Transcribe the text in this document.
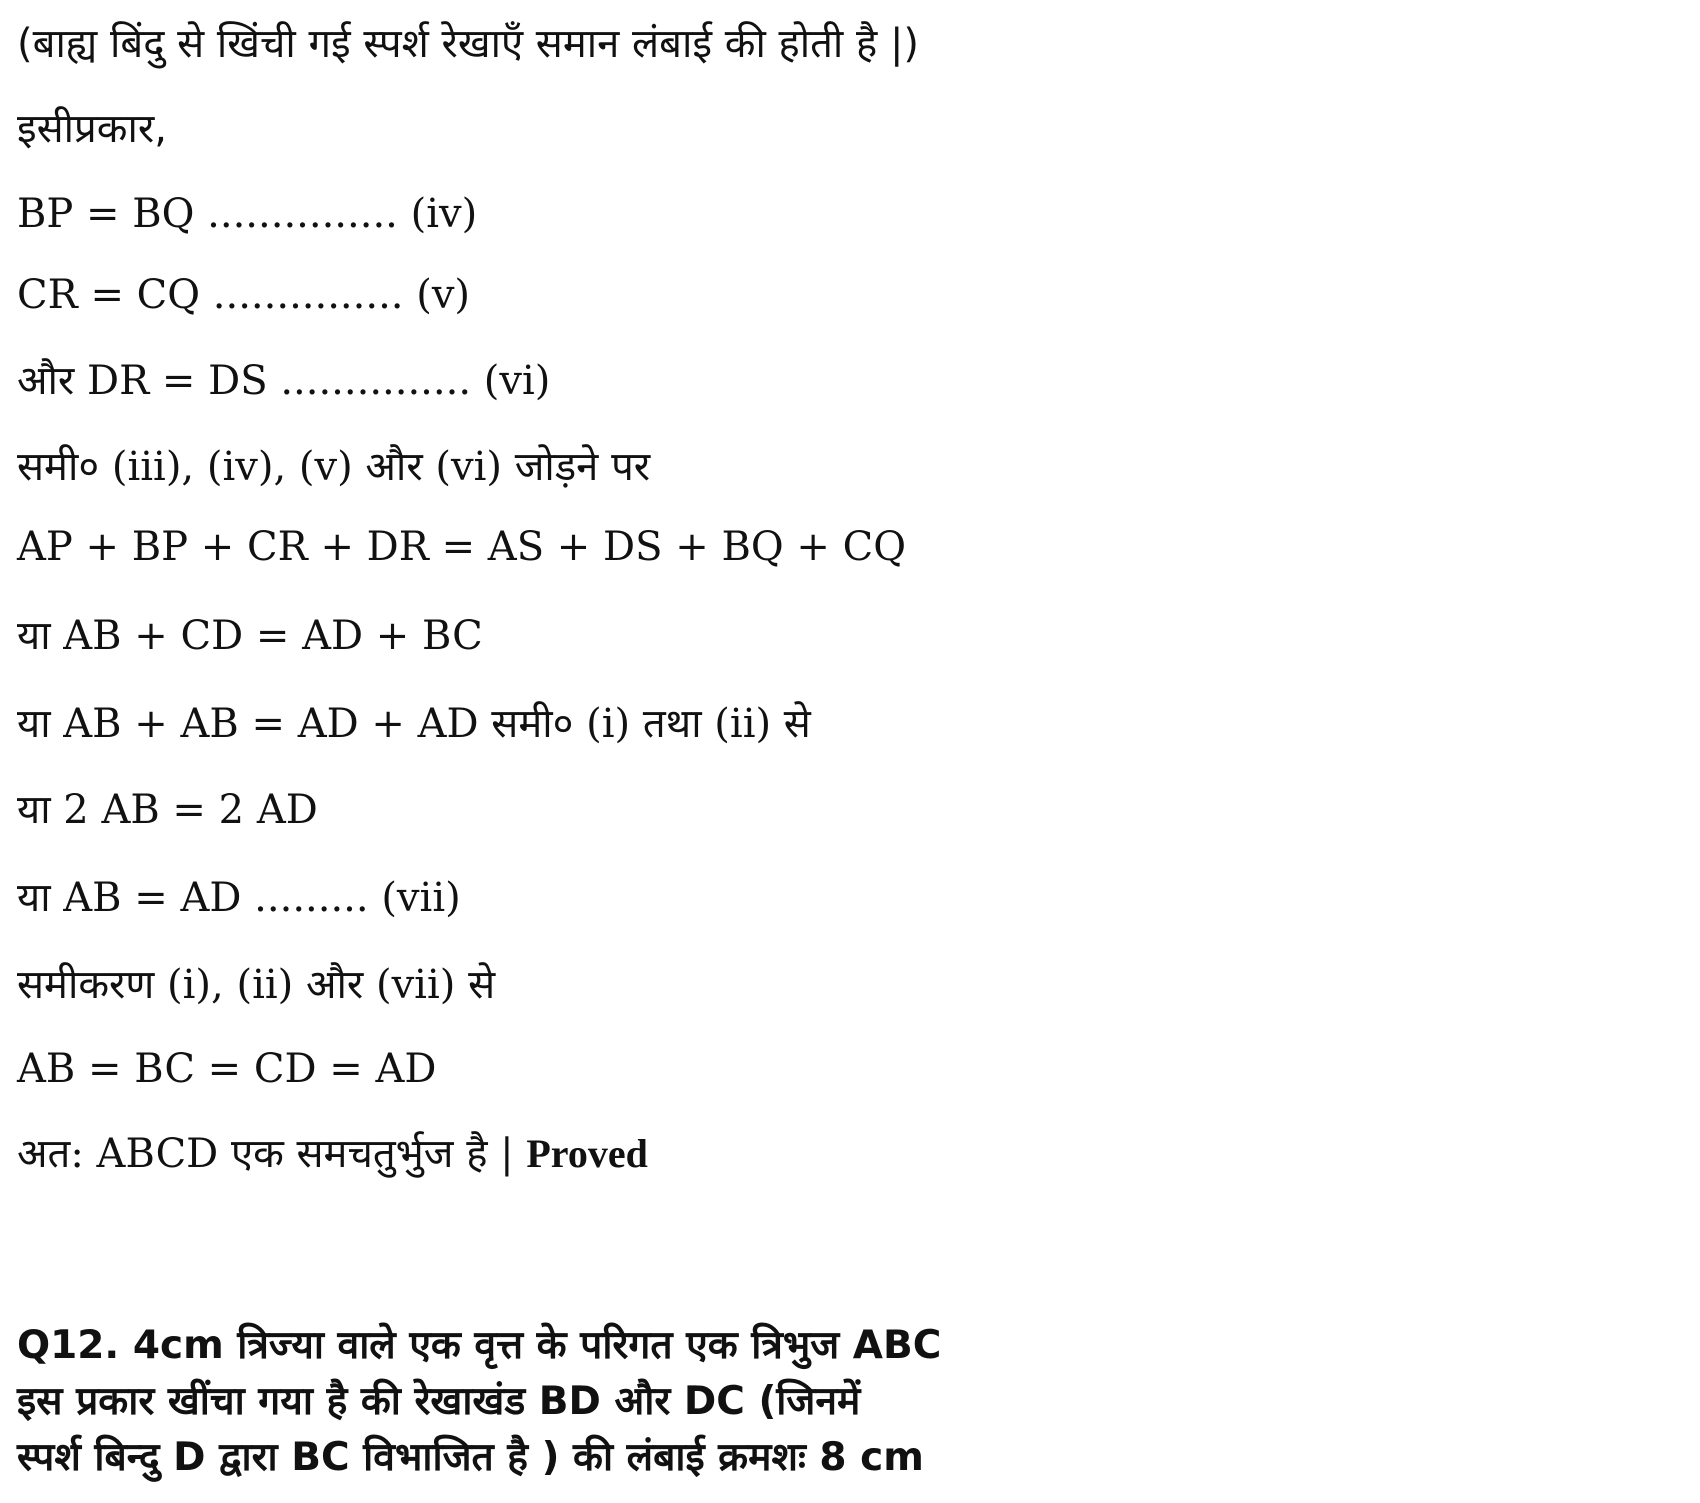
(बाह्य बिंदु से खिंची गई स्पर्श रेखाएँ समान लंबाई की होती है |)
इसीप्रकार,
BP = BQ ............... (iv)
CR = CQ ............... (v)
और DR = DS ............... (vi)
समी० (iii), (iv), (v) और (vi) जोड़ने पर
AP + BP + CR + DR = AS + DS + BQ + CQ
या AB + CD = AD + BC
या AB + AB = AD + AD समी० (i) तथा (ii) से
या 2 AB = 2 AD
या AB = AD ......... (vii)
समीकरण (i), (ii) और (vii) से
AB = BC = CD = AD
अत: ABCD एक समचतुर्भुज है | Proved
Q12. 4cm त्रिज्या वाले एक वृत्त के परिगत एक त्रिभुज ABC
इस प्रकार खींचा गया है की रेखाखंड BD और DC (जिनमें
स्पर्श बिन्दु D द्वारा BC विभाजित है ) की लंबाई क्रमशः 8 cm
